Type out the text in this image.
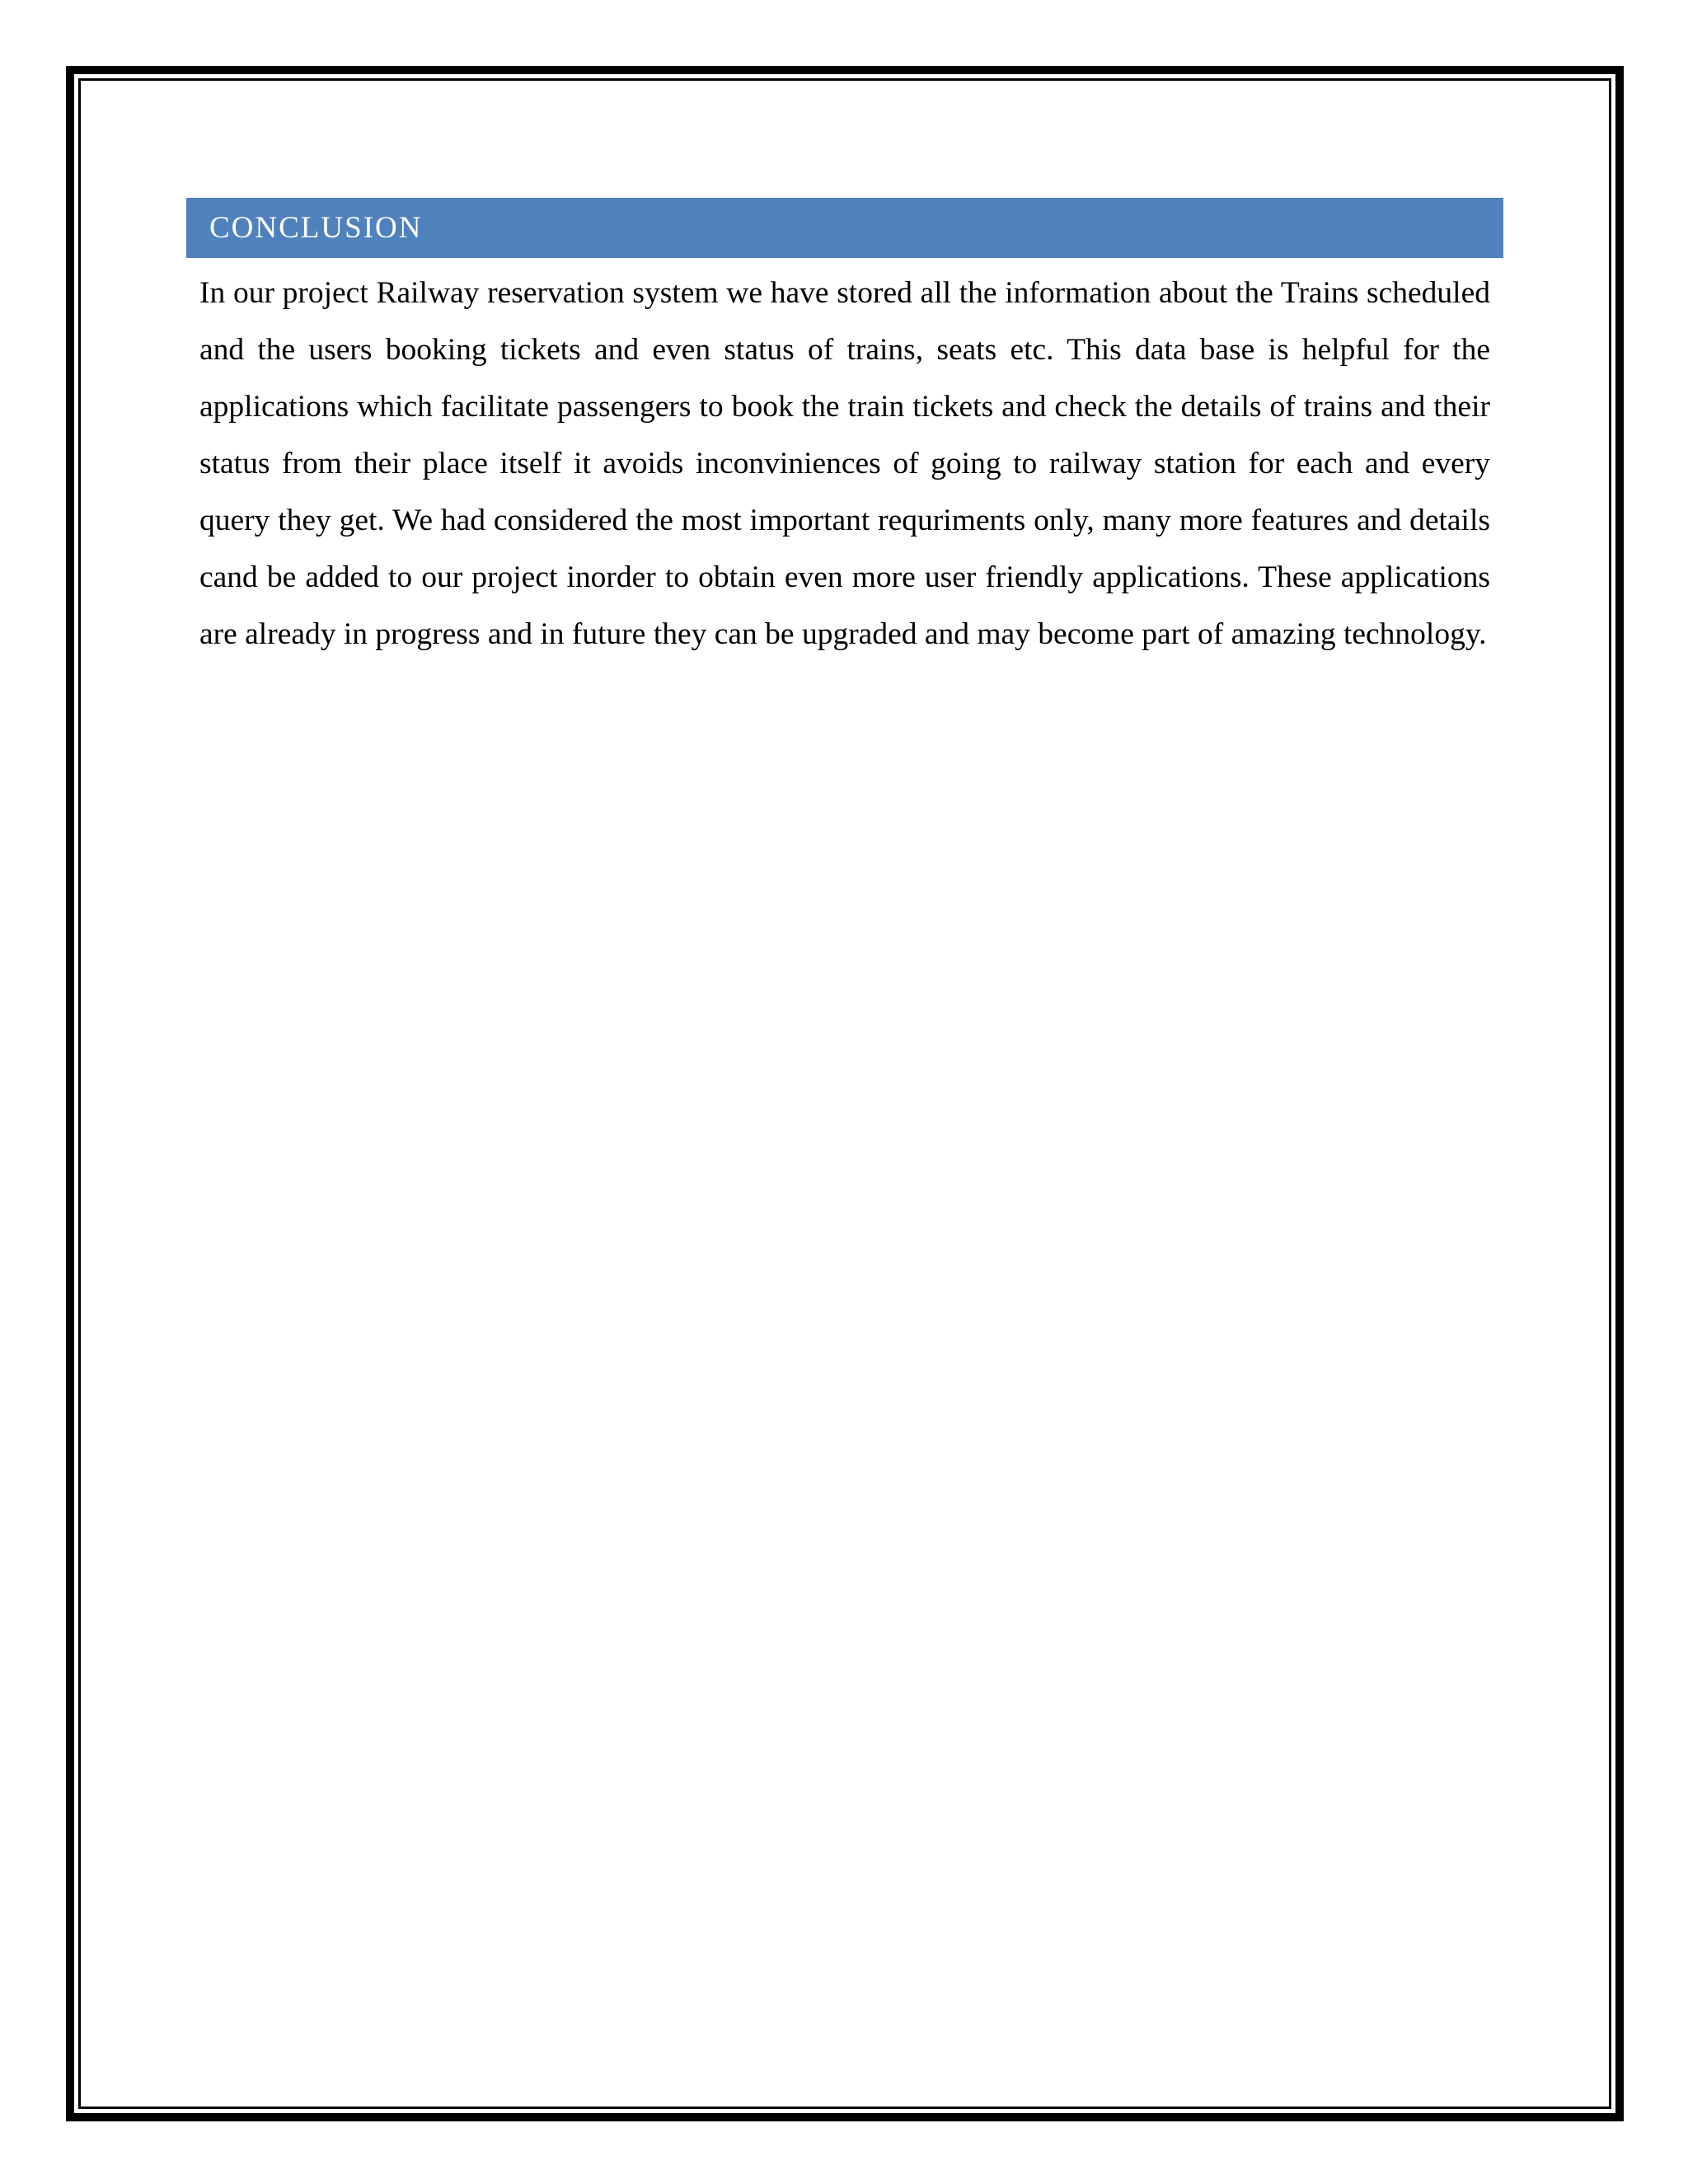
CONCLUSION

In our project Railway reservation system we have stored all the information about the Trains scheduled and the users booking tickets and even status of trains, seats etc. This data base is helpful for the applications which facilitate passengers to book the train tickets and check the details of trains and their status from their place itself it avoids inconviniences of going to railway station for each and every query they get. We had considered the most important requriments only, many more features and details cand be added to our project inorder to obtain even more user friendly applications. These applications are already in progress and in future they can be upgraded and may become part of amazing technology.
